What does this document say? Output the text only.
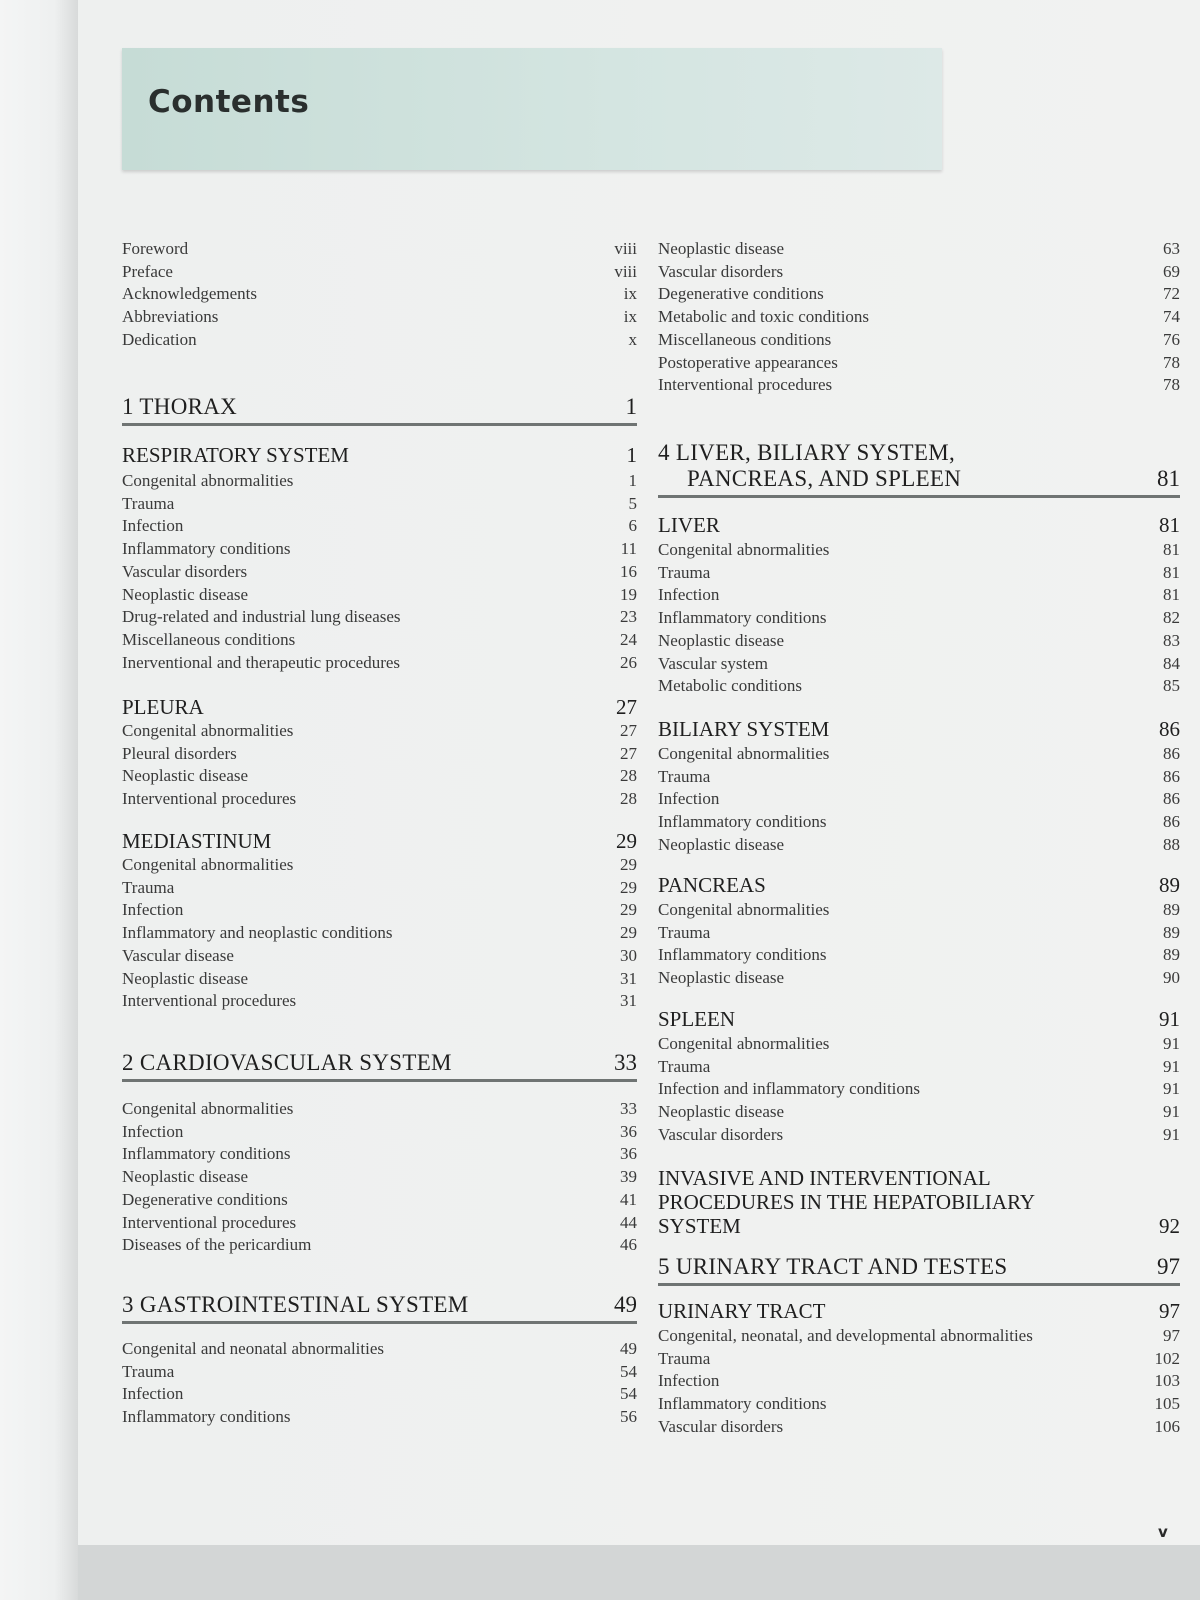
Contents
Foreword	viii
Preface	viii
Acknowledgements	ix
Abbreviations	ix
Dedication	x
1 THORAX	1
RESPIRATORY SYSTEM	1
Congenital abnormalities	1
Trauma	5
Infection	6
Inflammatory conditions	11
Vascular disorders	16
Neoplastic disease	19
Drug-related and industrial lung diseases	23
Miscellaneous conditions	24
Inerventional and therapeutic procedures	26
PLEURA	27
Congenital abnormalities	27
Pleural disorders	27
Neoplastic disease	28
Interventional procedures	28
MEDIASTINUM	29
Congenital abnormalities	29
Trauma	29
Infection	29
Inflammatory and neoplastic conditions	29
Vascular disease	30
Neoplastic disease	31
Interventional procedures	31
2 CARDIOVASCULAR SYSTEM	33
Congenital abnormalities	33
Infection	36
Inflammatory conditions	36
Neoplastic disease	39
Degenerative conditions	41
Interventional procedures	44
Diseases of the pericardium	46
3 GASTROINTESTINAL SYSTEM	49
Congenital and neonatal abnormalities	49
Trauma	54
Infection	54
Inflammatory conditions	56
Neoplastic disease	63
Vascular disorders	69
Degenerative conditions	72
Metabolic and toxic conditions	74
Miscellaneous conditions	76
Postoperative appearances	78
Interventional procedures	78
4 LIVER, BILIARY SYSTEM,
PANCREAS, AND SPLEEN	81
LIVER	81
Congenital abnormalities	81
Trauma	81
Infection	81
Inflammatory conditions	82
Neoplastic disease	83
Vascular system	84
Metabolic conditions	85
BILIARY SYSTEM	86
Congenital abnormalities	86
Trauma	86
Infection	86
Inflammatory conditions	86
Neoplastic disease	88
PANCREAS	89
Congenital abnormalities	89
Trauma	89
Inflammatory conditions	89
Neoplastic disease	90
SPLEEN	91
Congenital abnormalities	91
Trauma	91
Infection and inflammatory conditions	91
Neoplastic disease	91
Vascular disorders	91
INVASIVE AND INTERVENTIONAL
PROCEDURES IN THE HEPATOBILIARY
SYSTEM	92
5 URINARY TRACT AND TESTES	97
URINARY TRACT	97
Congenital, neonatal, and developmental abnormalities	97
Trauma	102
Infection	103
Inflammatory conditions	105
Vascular disorders	106
v
